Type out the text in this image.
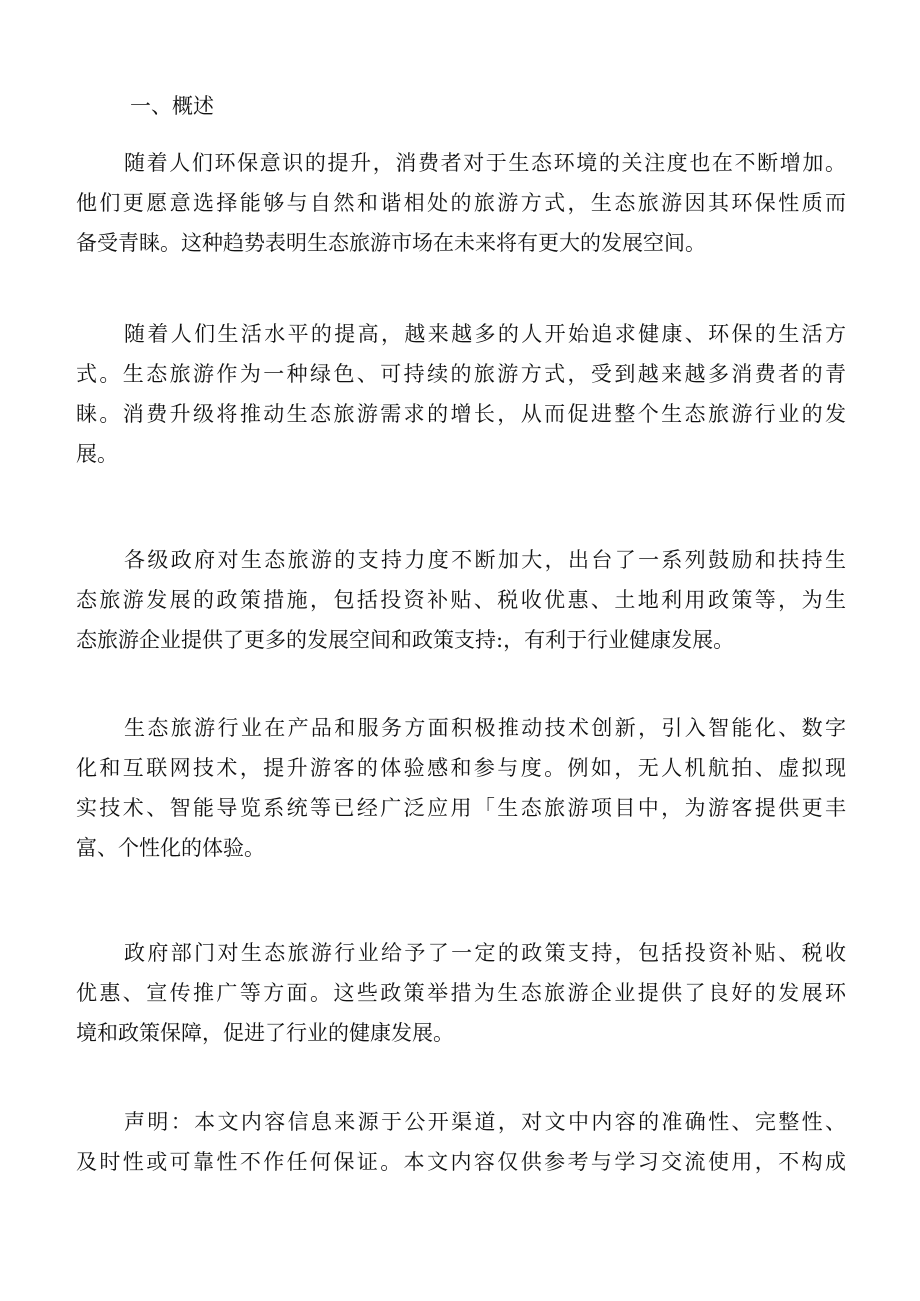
一、概述
随着人们环保意识的提升，消费者对于生态环境的关注度也在不断增加。
他们更愿意选择能够与自然和谐相处的旅游方式，生态旅游因其环保性质而
备受青睐。这种趋势表明生态旅游市场在未来将有更大的发展空间。
随着人们生活水平的提高，越来越多的人开始追求健康、环保的生活方
式。生态旅游作为一种绿色、可持续的旅游方式，受到越来越多消费者的青
睐。消费升级将推动生态旅游需求的增长，从而促进整个生态旅游行业的发
展。
各级政府对生态旅游的支持力度不断加大，出台了一系列鼓励和扶持生
态旅游发展的政策措施，包括投资补贴、税收优惠、土地利用政策等，为生
态旅游企业提供了更多的发展空间和政策支持:，有利于行业健康发展。
生态旅游行业在产品和服务方面积极推动技术创新，引入智能化、数字
化和互联网技术，提升游客的体验感和参与度。例如，无人机航拍、虚拟现
实技术、智能导览系统等已经广泛应用「生态旅游项目中，为游客提供更丰
富、个性化的体验。
政府部门对生态旅游行业给予了一定的政策支持，包括投资补贴、税收
优惠、宣传推广等方面。这些政策举措为生态旅游企业提供了良好的发展环
境和政策保障，促进了行业的健康发展。
声明：本文内容信息来源于公开渠道，对文中内容的准确性、完整性、
及时性或可靠性不作任何保证。本文内容仅供参考与学习交流使用，不构成
